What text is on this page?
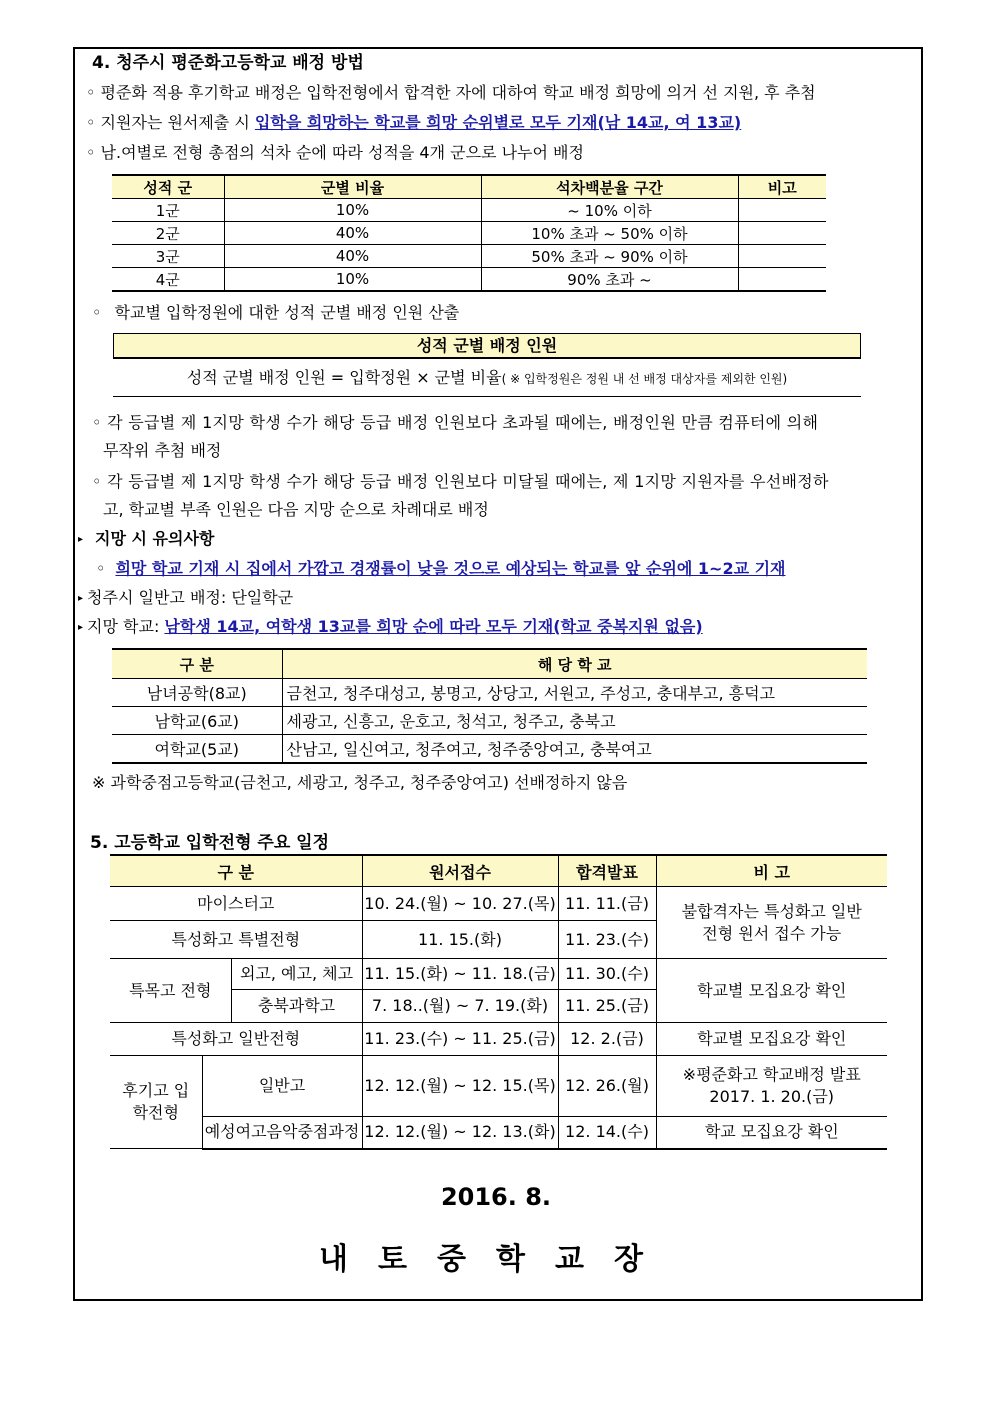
4. 청주시 평준화고등학교 배정 방법
◦ 평준화 적용 후기학교 배정은 입학전형에서 합격한 자에 대하여 학교 배정 희망에 의거 선 지원, 후 추첨
◦ 지원자는 원서제출 시 입학을 희망하는 학교를 희망 순위별로 모두 기재(남 14교, 여 13교)
◦ 남.여별로 전형 총점의 석차 순에 따라 성적을 4개 군으로 나누어 배정
성적 군	군별 비율	석차백분율 구간	비고
1군	10%	~ 10% 이하	
2군	40%	10% 초과 ~ 50% 이하	
3군	40%	50% 초과 ~ 90% 이하	
4군	10%	90% 초과 ~	
◦ 학교별 입학정원에 대한 성적 군별 배정 인원 산출
성적 군별 배정 인원
성적 군별 배정 인원 = 입학정원 × 군별 비율( ※ 입학정원은 정원 내 선 배정 대상자를 제외한 인원)
◦ 각 등급별 제 1지망 학생 수가 해당 등급 배정 인원보다 초과될 때에는, 배정인원 만큼 컴퓨터에 의해
무작위 추첨 배정
◦ 각 등급별 제 1지망 학생 수가 해당 등급 배정 인원보다 미달될 때에는, 제 1지망 지원자를 우선배정하
고, 학교별 부족 인원은 다음 지망 순으로 차례대로 배정
▸ 지망 시 유의사항
◦ 희망 학교 기재 시 집에서 가깝고 경쟁률이 낮을 것으로 예상되는 학교를 앞 순위에 1~2교 기재
▸ 청주시 일반고 배정: 단일학군
▸ 지망 학교: 남학생 14교, 여학생 13교를 희망 순에 따라 모두 기재(학교 중복지원 없음)
구 분	해 당 학 교
남녀공학(8교)	금천고, 청주대성고, 봉명고, 상당고, 서원고, 주성고, 충대부고, 흥덕고
남학교(6교)	세광고, 신흥고, 운호고, 청석고, 청주고, 충북고
여학교(5교)	산남고, 일신여고, 청주여고, 청주중앙여고, 충북여고
※ 과학중점고등학교(금천고, 세광고, 청주고, 청주중앙여고) 선배정하지 않음
5. 고등학교 입학전형 주요 일정
구 분			원서접수	합격발표	비 고
마이스터고			10. 24.(월) ~ 10. 27.(목)	11. 11.(금)	불합격자는 특성화고 일반전형 원서 접수 가능
특성화고 특별전형			11. 15.(화)	11. 23.(수)	
특목고 전형		외고, 예고, 체고	11. 15.(화) ~ 11. 18.(금)	11. 30.(수)	학교별 모집요강 확인
		충북과학고	7. 18..(월) ~ 7. 19.(화)	11. 25.(금)	
특성화고 일반전형			11. 23.(수) ~ 11. 25.(금)	12. 2.(금)	학교별 모집요강 확인
후기고 입학전형	일반고		12. 12.(월) ~ 12. 15.(목)	12. 26.(월)	※평준화고 학교배정 발표 2017. 1. 20.(금)
	예성여고음악중점과정		12. 12.(월) ~ 12. 13.(화)	12. 14.(수)	학교 모집요강 확인
2016. 8.
내토중학교장
